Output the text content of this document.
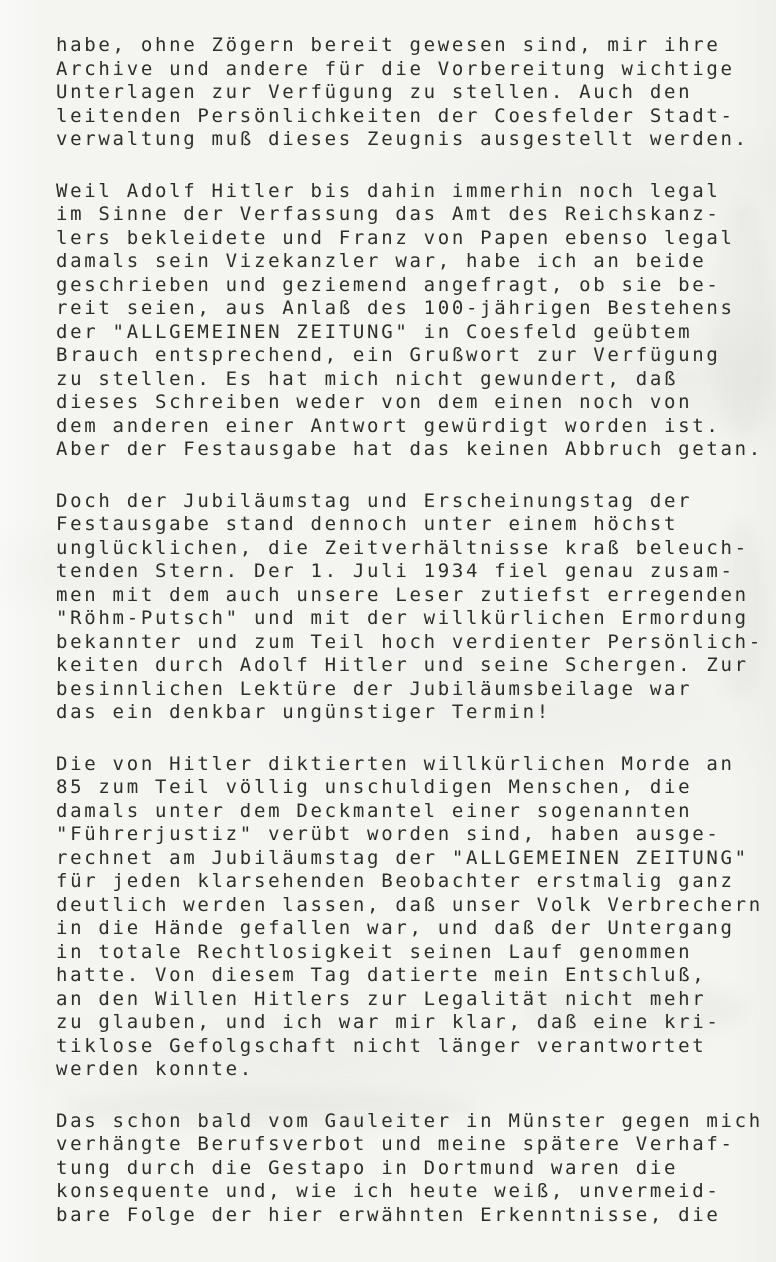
habe, ohne Zögern bereit gewesen sind, mir ihre
Archive und andere für die Vorbereitung wichtige
Unterlagen zur Verfügung zu stellen. Auch den
leitenden Persönlichkeiten der Coesfelder Stadt-
verwaltung muß dieses Zeugnis ausgestellt werden.
Weil Adolf Hitler bis dahin immerhin noch legal
im Sinne der Verfassung das Amt des Reichskanz-
lers bekleidete und Franz von Papen ebenso legal
damals sein Vizekanzler war, habe ich an beide
geschrieben und geziemend angefragt, ob sie be-
reit seien, aus Anlaß des 100-jährigen Bestehens
der "ALLGEMEINEN ZEITUNG" in Coesfeld geübtem
Brauch entsprechend, ein Grußwort zur Verfügung
zu stellen. Es hat mich nicht gewundert, daß
dieses Schreiben weder von dem einen noch von
dem anderen einer Antwort gewürdigt worden ist.
Aber der Festausgabe hat das keinen Abbruch getan.
Doch der Jubiläumstag und Erscheinungstag der
Festausgabe stand dennoch unter einem höchst
unglücklichen, die Zeitverhältnisse kraß beleuch-
tenden Stern. Der 1. Juli 1934 fiel genau zusam-
men mit dem auch unsere Leser zutiefst erregenden
"Röhm-Putsch" und mit der willkürlichen Ermordung
bekannter und zum Teil hoch verdienter Persönlich-
keiten durch Adolf Hitler und seine Schergen. Zur
besinnlichen Lektüre der Jubiläumsbeilage war
das ein denkbar ungünstiger Termin!
Die von Hitler diktierten willkürlichen Morde an
85 zum Teil völlig unschuldigen Menschen, die
damals unter dem Deckmantel einer sogenannten
"Führerjustiz" verübt worden sind, haben ausge-
rechnet am Jubiläumstag der "ALLGEMEINEN ZEITUNG"
für jeden klarsehenden Beobachter erstmalig ganz
deutlich werden lassen, daß unser Volk Verbrechern
in die Hände gefallen war, und daß der Untergang
in totale Rechtlosigkeit seinen Lauf genommen
hatte. Von diesem Tag datierte mein Entschluß,
an den Willen Hitlers zur Legalität nicht mehr
zu glauben, und ich war mir klar, daß eine kri-
tiklose Gefolgschaft nicht länger verantwortet
werden konnte.
Das schon bald vom Gauleiter in Münster gegen mich
verhängte Berufsverbot und meine spätere Verhaf-
tung durch die Gestapo in Dortmund waren die
konsequente und, wie ich heute weiß, unvermeid-
bare Folge der hier erwähnten Erkenntnisse, die
